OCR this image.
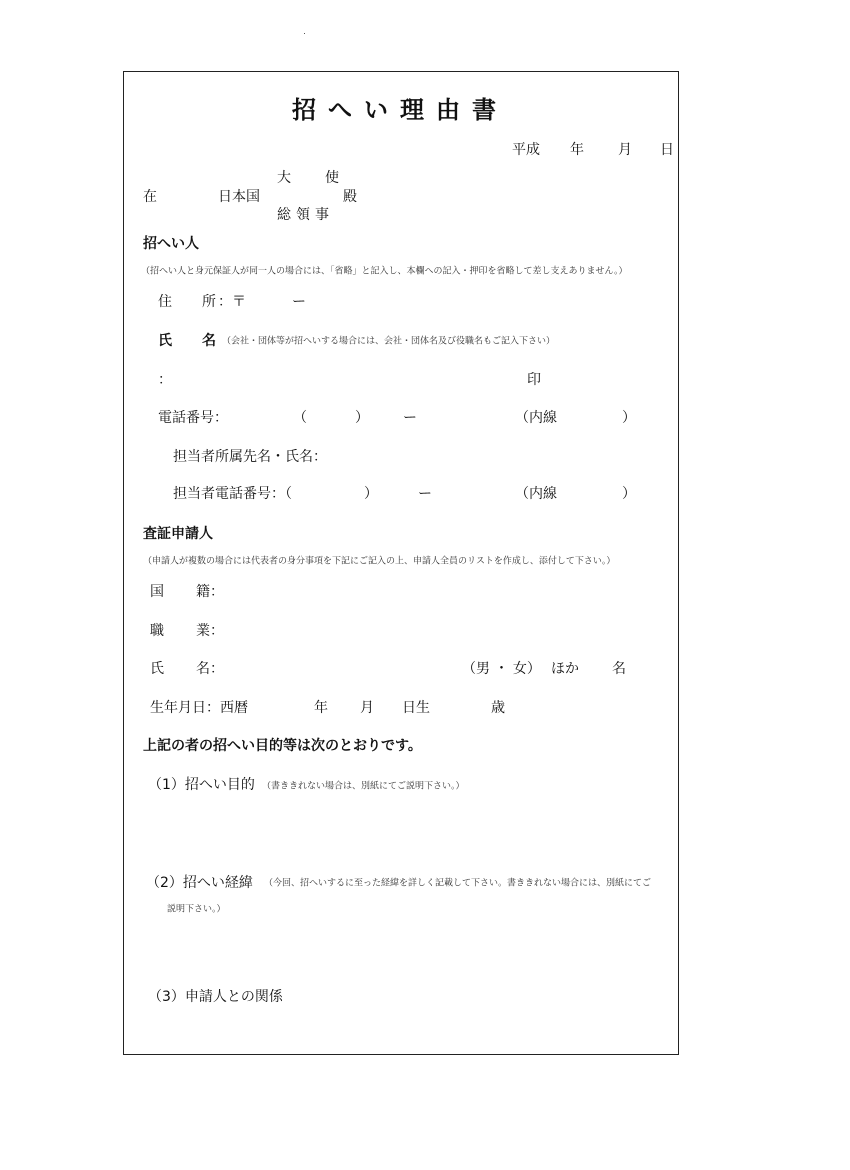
招へい理由書
平成 年 月 日
大　使
在	日本国	殿
総領事
招へい人
（招へい人と身元保証人が同一人の場合には、「省略」と記入し、本欄への記入・押印を省略して差し支えありません。）
住 所 ：〒	ー
氏 名 （会社・団体等が招へいする場合には、会社・団体名及び役職名もご記入下さい）
：	印
電話番号：	（	） ー	（内線	）
担当者所属先名・氏名：
担当者電話番号：（	）	ー	（内線	）
査証申請人
（申請人が複数の場合には代表者の身分事項を下記にご記入の上、申請人全員のリストを作成し、添付して下さい。）
国 籍：
職 業：
氏 名：	（男 ・ 女） ほか 名
生年月日：西暦	年 月 日生	歳
上記の者の招へい目的等は次のとおりです。
（1）招へい目的 （書ききれない場合は、別紙にてご説明下さい。）
（2）招へい経緯 （今回、招へいするに至った経緯を詳しく記載して下さい。書ききれない場合には、別紙にてご
説明下さい。）
（3）申請人との関係
